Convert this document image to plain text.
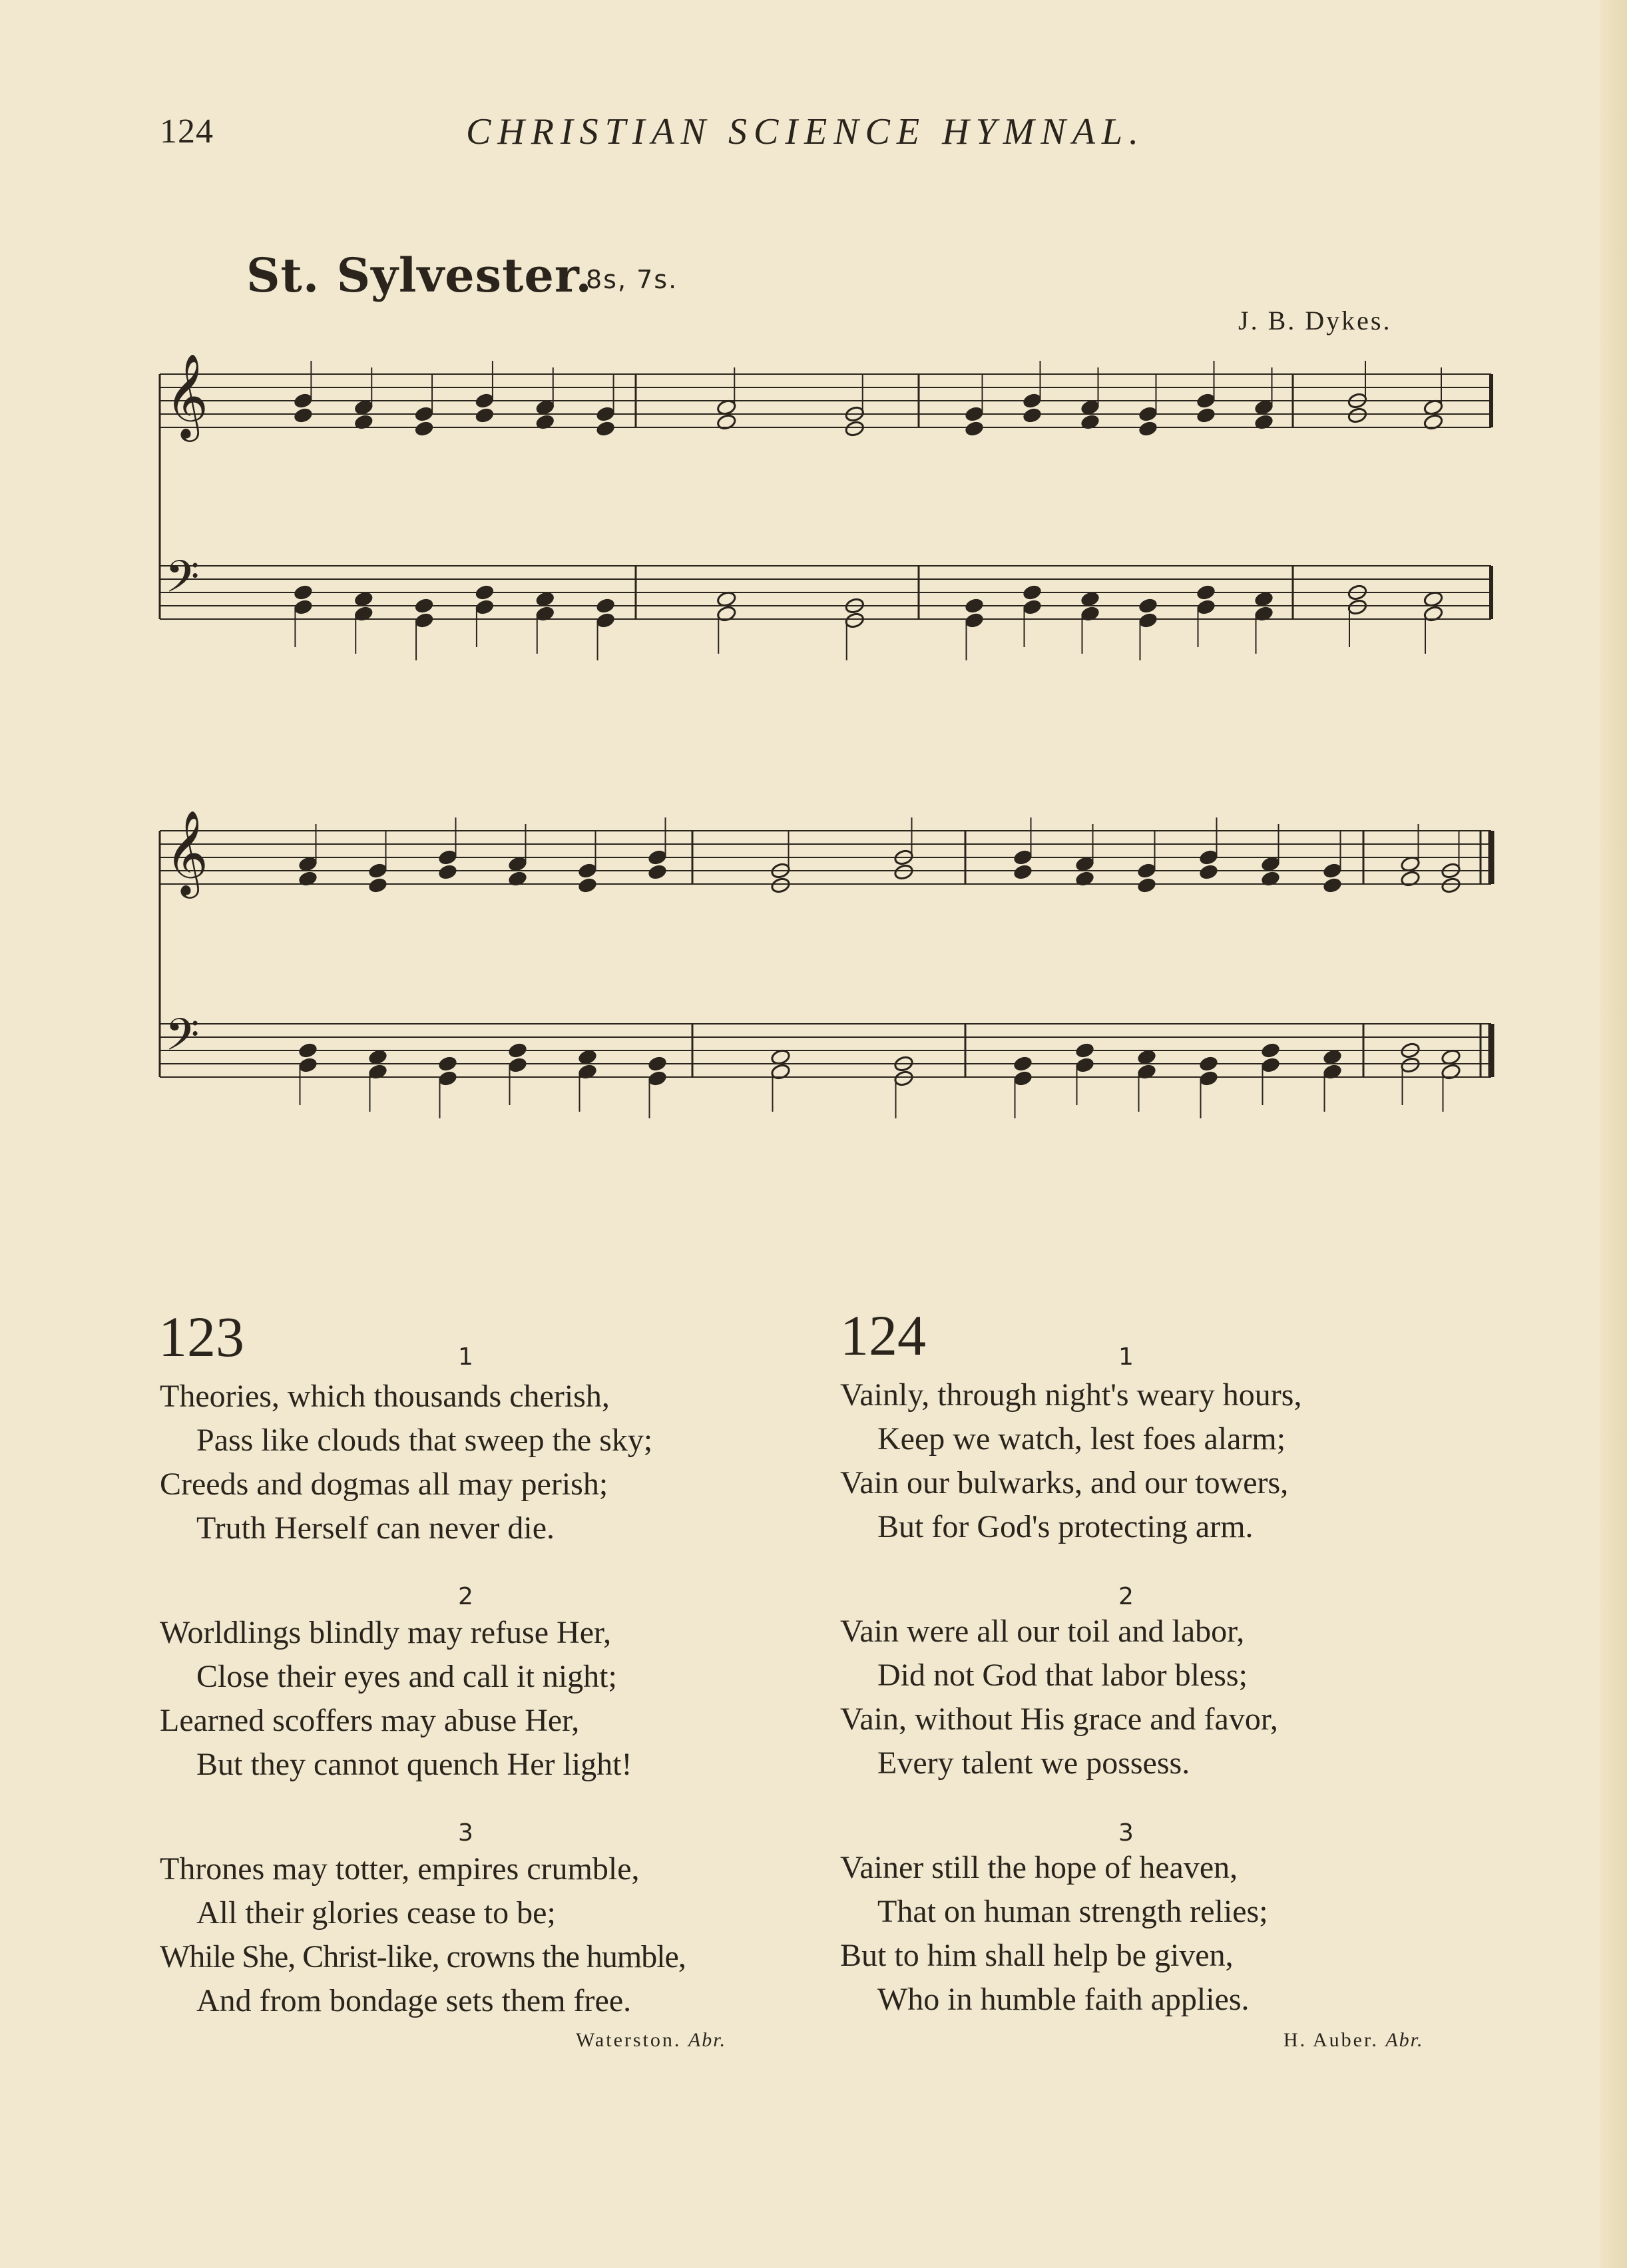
124	CHRISTIAN SCIENCE HYMNAL.
St. Sylvester.
8s, 7s.
J. B. Dykes.
𝄞
𝄢
𝄞
𝄢
123	1
Theories, which thousands cherish,
Pass like clouds that sweep the sky;
Creeds and dogmas all may perish;
Truth Herself can never die.
2
Worldlings blindly may refuse Her,
Close their eyes and call it night;
Learned scoffers may abuse Her,
But they cannot quench Her light!
3
Thrones may totter, empires crumble,
All their glories cease to be;
While She, Christ-like, crowns the humble,
And from bondage sets them free.
Waterston. Abr.
124	1
Vainly, through night's weary hours,
Keep we watch, lest foes alarm;
Vain our bulwarks, and our towers,
But for God's protecting arm.
2
Vain were all our toil and labor,
Did not God that labor bless;
Vain, without His grace and favor,
Every talent we possess.
3
Vainer still the hope of heaven,
That on human strength relies;
But to him shall help be given,
Who in humble faith applies.
H. Auber. Abr.
